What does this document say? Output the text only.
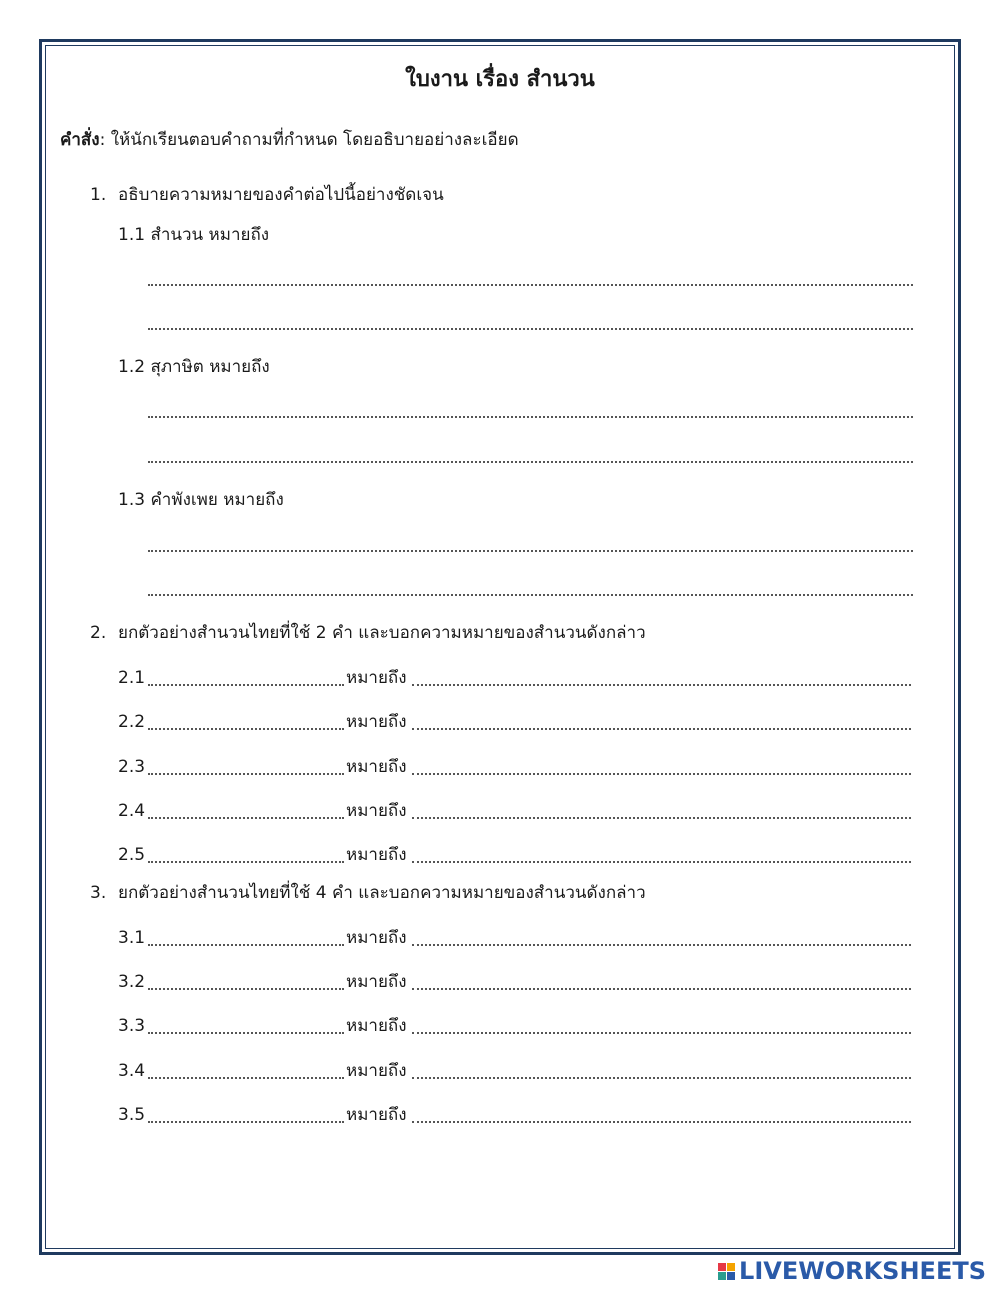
ใบงาน เรื่อง สำนวน
คำสั่ง: ให้นักเรียนตอบคำถามที่กำหนด โดยอธิบายอย่างละเอียด
1. อธิบายความหมายของคำต่อไปนี้อย่างชัดเจน
1.1 สำนวน หมายถึง
1.2 สุภาษิต หมายถึง
1.3 คำพังเพย หมายถึง
2. ยกตัวอย่างสำนวนไทยที่ใช้ 2 คำ และบอกความหมายของสำนวนดังกล่าว
2.1	หมายถึง
2.2	หมายถึง
2.3	หมายถึง
2.4	หมายถึง
2.5	หมายถึง
3. ยกตัวอย่างสำนวนไทยที่ใช้ 4 คำ และบอกความหมายของสำนวนดังกล่าว
3.1	หมายถึง
3.2	หมายถึง
3.3	หมายถึง
3.4	หมายถึง
3.5	หมายถึง
LIVEWORKSHEETS
